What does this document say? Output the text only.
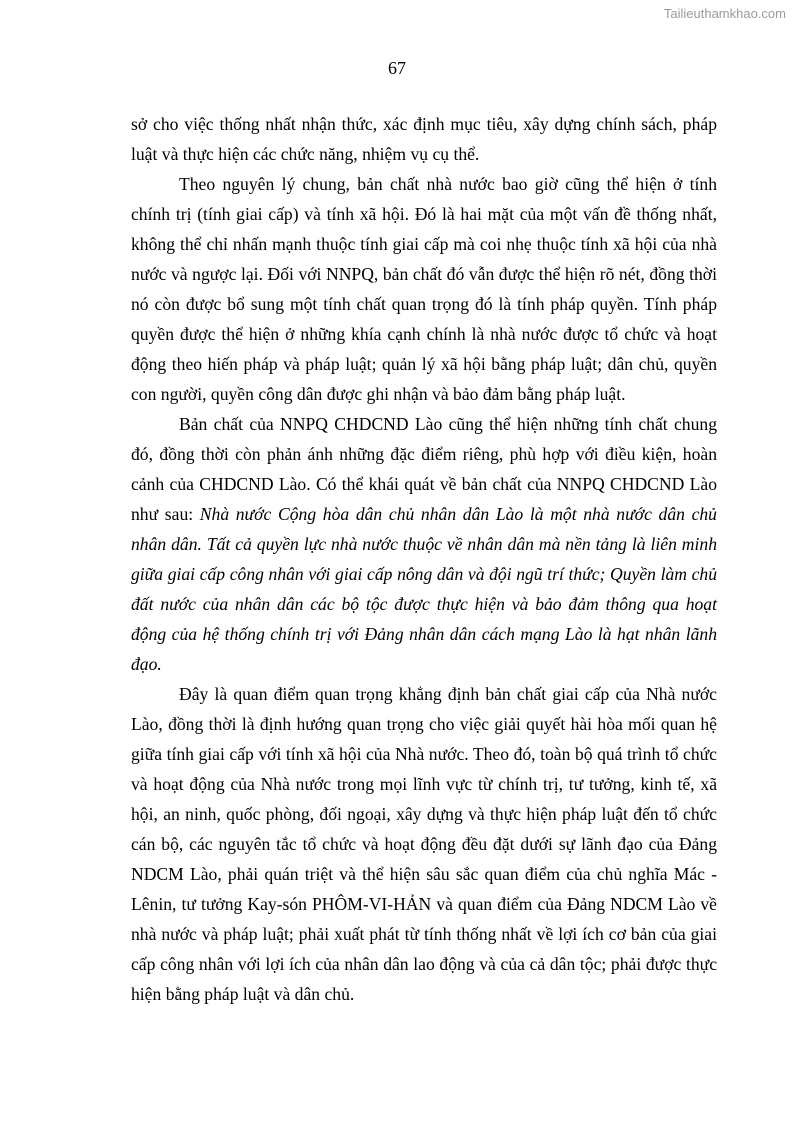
Tailieuthamkhao.com
67

sở cho việc thống nhất nhận thức, xác định mục tiêu, xây dựng chính sách, pháp luật và thực hiện các chức năng, nhiệm vụ cụ thể.

Theo nguyên lý chung, bản chất nhà nước bao giờ cũng thể hiện ở tính chính trị (tính giai cấp) và tính xã hội. Đó là hai mặt của một vấn đề thống nhất, không thể chỉ nhấn mạnh thuộc tính giai cấp mà coi nhẹ thuộc tính xã hội của nhà nước và ngược lại. Đối với NNPQ, bản chất đó vẫn được thể hiện rõ nét, đồng thời nó còn được bổ sung một tính chất quan trọng đó là tính pháp quyền. Tính pháp quyền được thể hiện ở những khía cạnh chính là nhà nước được tổ chức và hoạt động theo hiến pháp và pháp luật; quản lý xã hội bằng pháp luật; dân chủ, quyền con người, quyền công dân được ghi nhận và bảo đảm bằng pháp luật.

Bản chất của NNPQ CHDCND Lào cũng thể hiện những tính chất chung đó, đồng thời còn phản ánh những đặc điểm riêng, phù hợp với điều kiện, hoàn cảnh của CHDCND Lào. Có thể khái quát về bản chất của NNPQ CHDCND Lào như sau: Nhà nước Cộng hòa dân chủ nhân dân Lào là một nhà nước dân chủ nhân dân. Tất cả quyền lực nhà nước thuộc về nhân dân mà nền tảng là liên minh giữa giai cấp công nhân với giai cấp nông dân và đội ngũ trí thức; Quyền làm chủ đất nước của nhân dân các bộ tộc được thực hiện và bảo đảm thông qua hoạt động của hệ thống chính trị với Đảng nhân dân cách mạng Lào là hạt nhân lãnh đạo.

Đây là quan điểm quan trọng khẳng định bản chất giai cấp của Nhà nước Lào, đồng thời là định hướng quan trọng cho việc giải quyết hài hòa mối quan hệ giữa tính giai cấp với tính xã hội của Nhà nước. Theo đó, toàn bộ quá trình tổ chức và hoạt động của Nhà nước trong mọi lĩnh vực từ chính trị, tư tưởng, kinh tế, xã hội, an ninh, quốc phòng, đối ngoại, xây dựng và thực hiện pháp luật đến tổ chức cán bộ, các nguyên tắc tổ chức và hoạt động đều đặt dưới sự lãnh đạo của Đảng NDCM Lào, phải quán triệt và thể hiện sâu sắc quan điểm của chủ nghĩa Mác - Lênin, tư tưởng Kay-són PHÔM-VI-HẢN và quan điểm của Đảng NDCM Lào về nhà nước và pháp luật; phải xuất phát từ tính thống nhất về lợi ích cơ bản của giai cấp công nhân với lợi ích của nhân dân lao động và của cả dân tộc; phải được thực hiện bằng pháp luật và dân chủ.
